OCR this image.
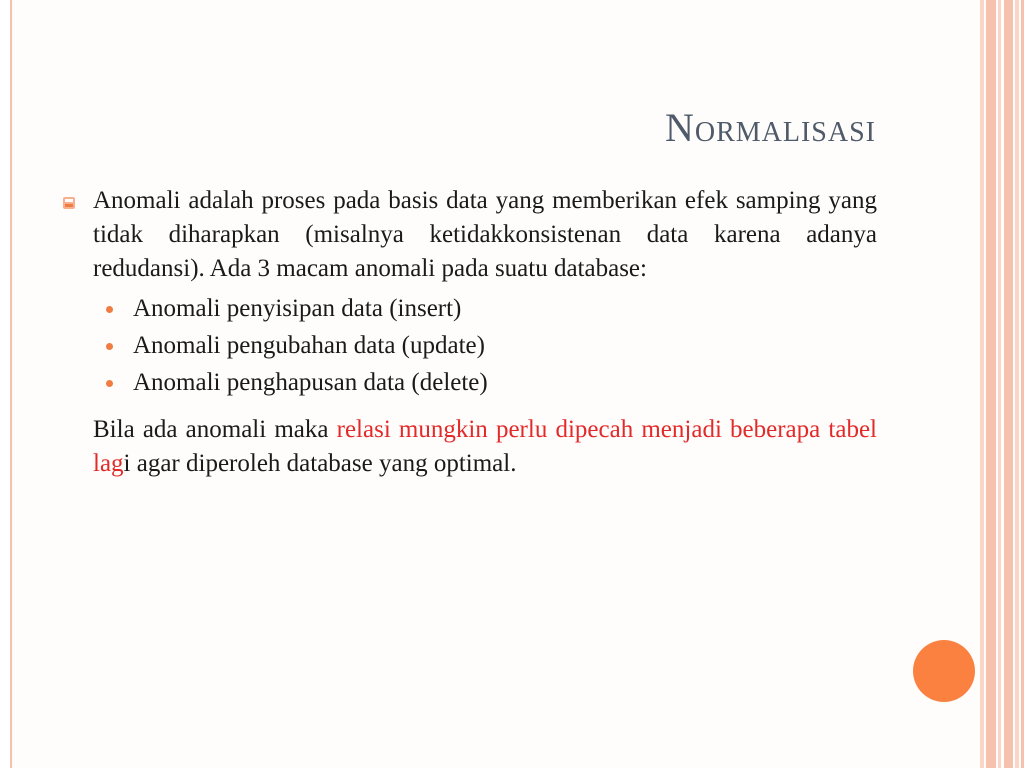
Normalisasi

Anomali adalah proses pada basis data yang memberikan efek samping yang tidak diharapkan (misalnya ketidakkonsistenan data karena adanya redudansi). Ada 3 macam anomali pada suatu database:

Anomali penyisipan data (insert)
Anomali pengubahan data (update)
Anomali penghapusan data (delete)

Bila ada anomali maka relasi mungkin perlu dipecah menjadi beberapa tabel lagi agar diperoleh database yang optimal.
